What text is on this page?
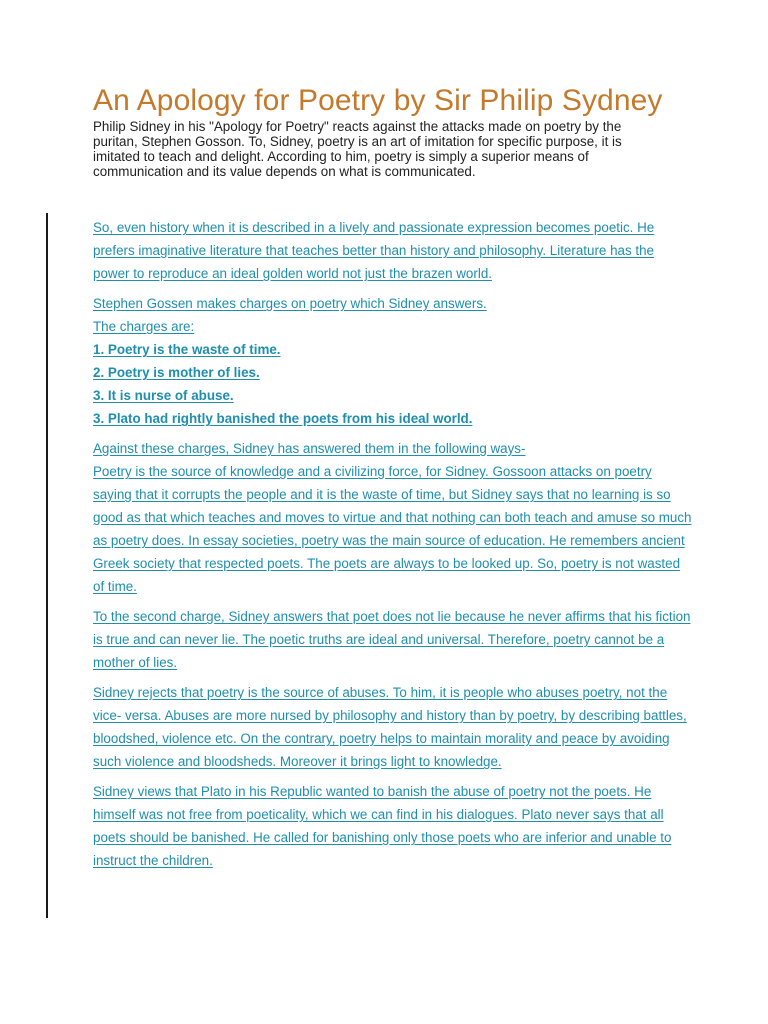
An Apology for Poetry by Sir Philip Sydney

Philip Sidney in his "Apology for Poetry" reacts against the attacks made on poetry by the puritan, Stephen Gosson. To, Sidney, poetry is an art of imitation for specific purpose, it is imitated to teach and delight. According to him, poetry is simply a superior means of communication and its value depends on what is communicated.

So, even history when it is described in a lively and passionate expression becomes poetic. He prefers imaginative literature that teaches better than history and philosophy. Literature has the power to reproduce an ideal golden world not just the brazen world.

Stephen Gossen makes charges on poetry which Sidney answers.
The charges are:
1. Poetry is the waste of time.
2. Poetry is mother of lies.
3. It is nurse of abuse.
3. Plato had rightly banished the poets from his ideal world.
Against these charges, Sidney has answered them in the following ways-

Poetry is the source of knowledge and a civilizing force, for Sidney. Gossoon attacks on poetry saying that it corrupts the people and it is the waste of time, but Sidney says that no learning is so good as that which teaches and moves to virtue and that nothing can both teach and amuse so much as poetry does. In essay societies, poetry was the main source of education. He remembers ancient Greek society that respected poets. The poets are always to be looked up. So, poetry is not wasted of time.

To the second charge, Sidney answers that poet does not lie because he never affirms that his fiction is true and can never lie. The poetic truths are ideal and universal. Therefore, poetry cannot be a mother of lies.

Sidney rejects that poetry is the source of abuses. To him, it is people who abuses poetry, not the vice- versa. Abuses are more nursed by philosophy and history than by poetry, by describing battles, bloodshed, violence etc. On the contrary, poetry helps to maintain morality and peace by avoiding such violence and bloodsheds. Moreover it brings light to knowledge.

Sidney views that Plato in his Republic wanted to banish the abuse of poetry not the poets. He himself was not free from poeticality, which we can find in his dialogues. Plato never says that all poets should be banished. He called for banishing only those poets who are inferior and unable to instruct the children.
